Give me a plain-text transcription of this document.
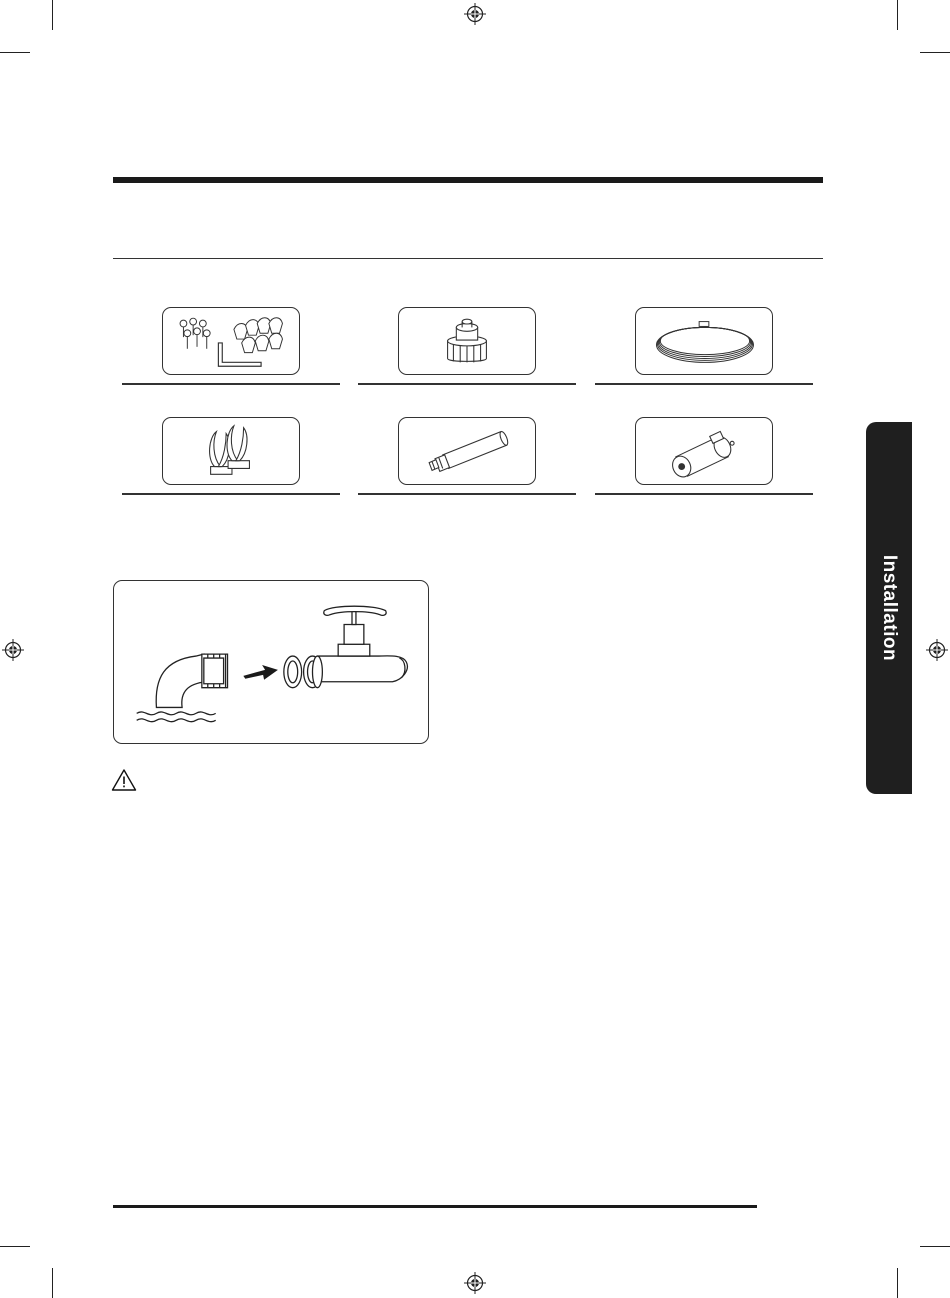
Installation
